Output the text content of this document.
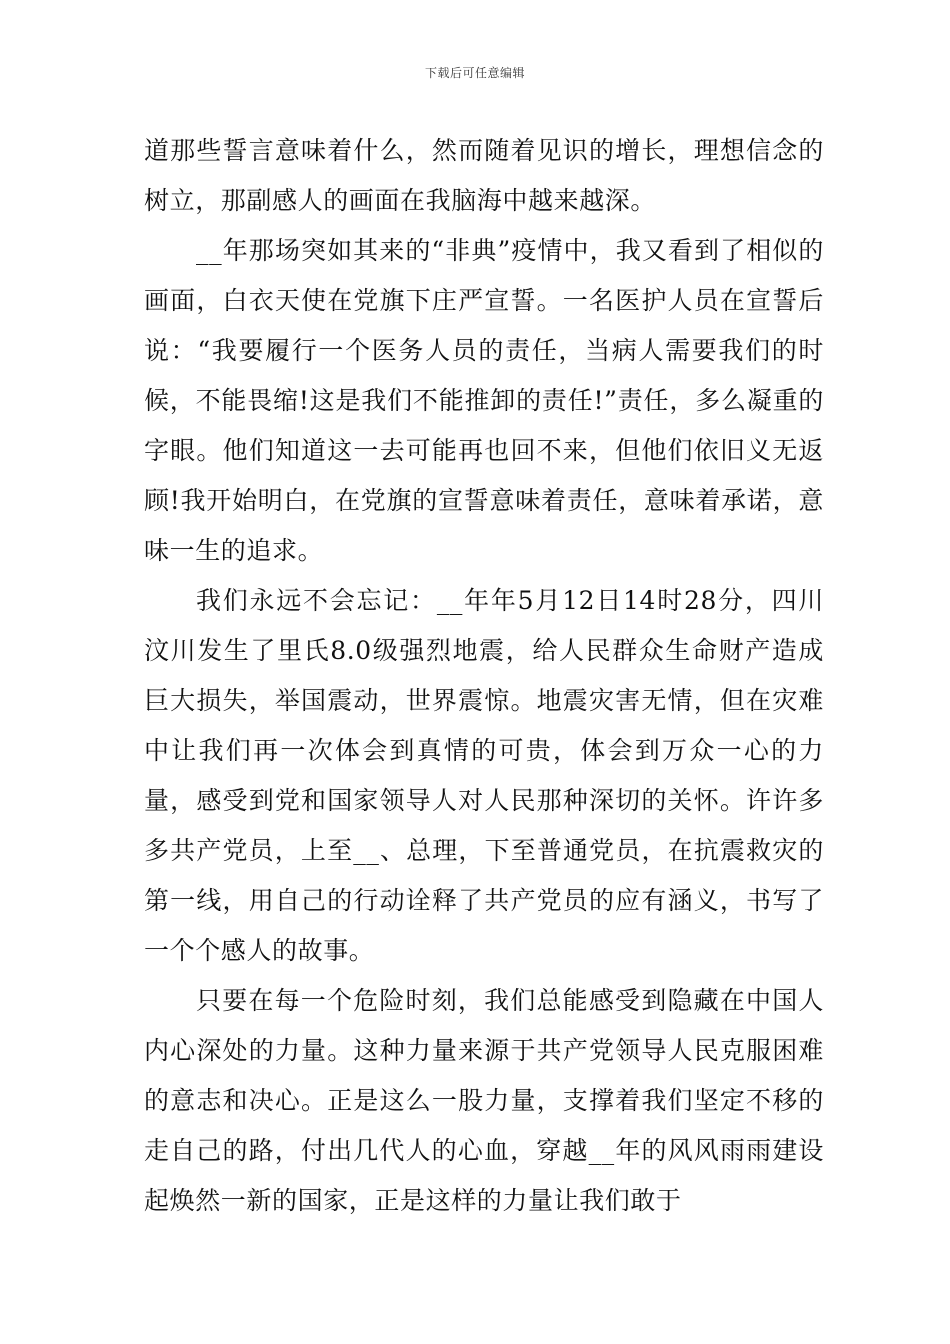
下载后可任意编辑

道那些誓言意味着什么，然而随着见识的增长，理想信念的树立，那副感人的画面在我脑海中越来越深。

__年那场突如其来的“非典”疫情中，我又看到了相似的画面，白衣天使在党旗下庄严宣誓。一名医护人员在宣誓后说：“我要履行一个医务人员的责任，当病人需要我们的时候，不能畏缩!这是我们不能推卸的责任!”责任，多么凝重的字眼。他们知道这一去可能再也回不来，但他们依旧义无返顾!我开始明白，在党旗的宣誓意味着责任，意味着承诺，意味一生的追求。

我们永远不会忘记：__年年5月12日14时28分，四川汶川发生了里氏8.0级强烈地震，给人民群众生命财产造成巨大损失，举国震动，世界震惊。地震灾害无情，但在灾难中让我们再一次体会到真情的可贵，体会到万众一心的力量，感受到党和国家领导人对人民那种深切的关怀。许许多多共产党员，上至__、总理，下至普通党员，在抗震救灾的第一线，用自己的行动诠释了共产党员的应有涵义，书写了一个个感人的故事。

只要在每一个危险时刻，我们总能感受到隐藏在中国人内心深处的力量。这种力量来源于共产党领导人民克服困难的意志和决心。正是这么一股力量，支撑着我们坚定不移的走自己的路，付出几代人的心血，穿越__年的风风雨雨建设起焕然一新的国家，正是这样的力量让我们敢于
